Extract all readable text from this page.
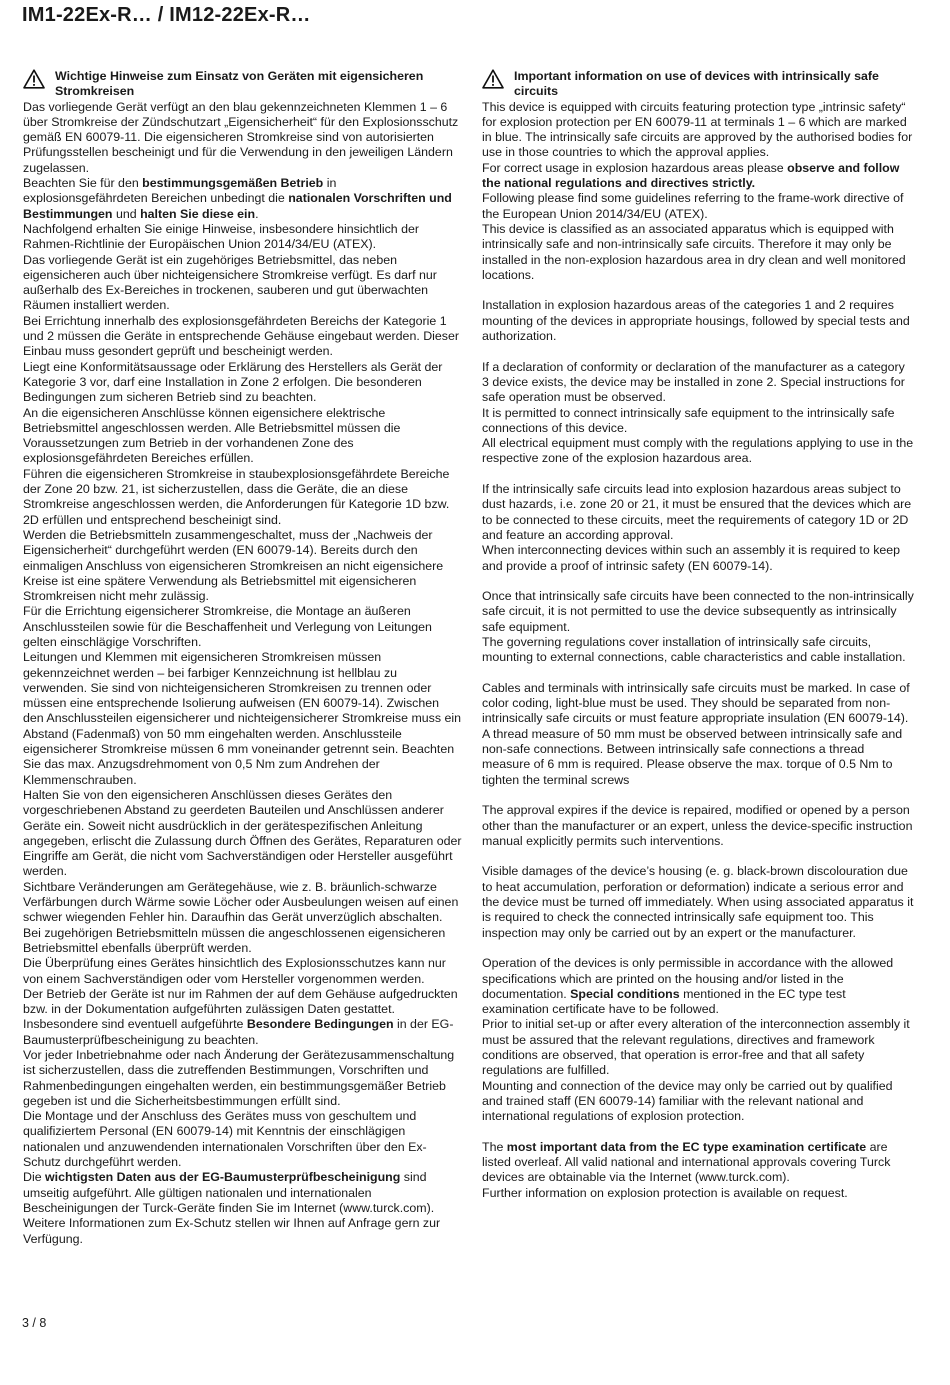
IM1-22Ex-R… / IM12-22Ex-R…
Wichtige Hinweise zum Einsatz von Geräten mit eigensicheren Stromkreisen

Das vorliegende Gerät verfügt an den blau gekennzeichneten Klemmen 1 – 6 über Stromkreise der Zündschutzart „Eigensicherheit“ für den Explosionsschutz gemäß EN 60079-11. Die eigensicheren Stromkreise sind von autorisierten Prüfungsstellen bescheinigt und für die Verwendung in den jeweiligen Ländern zugelassen.

Beachten Sie für den bestimmungsgemäßen Betrieb in explosionsgefährdeten Bereichen unbedingt die nationalen Vorschriften und Bestimmungen und halten Sie diese ein.

Nachfolgend erhalten Sie einige Hinweise, insbesondere hinsichtlich der Rahmen-Richtlinie der Europäischen Union 2014/34/EU (ATEX).

Das vorliegende Gerät ist ein zugehöriges Betriebsmittel, das neben eigensicheren auch über nichteigensichere Stromkreise verfügt. Es darf nur außerhalb des Ex-Bereiches in trockenen, sauberen und gut überwachten Räumen installiert werden.

Bei Errichtung innerhalb des explosionsgefährdeten Bereichs der Kategorie 1 und 2 müssen die Geräte in entsprechende Gehäuse eingebaut werden. Dieser Einbau muss gesondert geprüft und bescheinigt werden.

Liegt eine Konformitätsaussage oder Erklärung des Herstellers als Gerät der Kategorie 3 vor, darf eine Installation in Zone 2 erfolgen. Die besonderen Bedingungen zum sicheren Betrieb sind zu beachten.

An die eigensicheren Anschlüsse können eigensichere elektrische Betriebsmittel angeschlossen werden. Alle Betriebsmittel müssen die Voraussetzungen zum Betrieb in der vorhandenen Zone des explosionsgefährdeten Bereiches erfüllen.

Führen die eigensicheren Stromkreise in staubexplosionsgefährdete Bereiche der Zone 20 bzw. 21, ist sicherzustellen, dass die Geräte, die an diese Stromkreise angeschlossen werden, die Anforderungen für Kategorie 1D bzw. 2D erfüllen und entsprechend bescheinigt sind.

Werden die Betriebsmitteln zusammengeschaltet, muss der „Nachweis der Eigensicherheit“ durchgeführt werden (EN 60079-14). Bereits durch den einmaligen Anschluss von eigensicheren Stromkreisen an nicht eigensichere Kreise ist eine spätere Verwendung als Betriebsmittel mit eigensicheren Stromkreisen nicht mehr zulässig.

Für die Errichtung eigensicherer Stromkreise, die Montage an äußeren Anschlussteilen sowie für die Beschaffenheit und Verlegung von Leitungen gelten einschlägige Vorschriften.

Leitungen und Klemmen mit eigensicheren Stromkreisen müssen gekennzeichnet werden – bei farbiger Kennzeichnung ist hellblau zu verwenden. Sie sind von nichteigensicheren Stromkreisen zu trennen oder müssen eine entsprechende Isolierung aufweisen (EN 60079-14). Zwischen den Anschlussteilen eigensicherer und nichteigensicherer Stromkreise muss ein Abstand (Fadenmaß) von 50 mm eingehalten werden. Anschlussteile eigensicherer Stromkreise müssen 6 mm voneinander getrennt sein. Beachten Sie das max. Anzugsdrehmoment von 0,5 Nm zum Andrehen der Klemmenschrauben.

Halten Sie von den eigensicheren Anschlüssen dieses Gerätes den vorgeschriebenen Abstand zu geerdeten Bauteilen und Anschlüssen anderer Geräte ein. Soweit nicht ausdrücklich in der gerätespezifischen Anleitung angegeben, erlischt die Zulassung durch Öffnen des Gerätes, Reparaturen oder Eingriffe am Gerät, die nicht vom Sachverständigen oder Hersteller ausgeführt werden.

Sichtbare Veränderungen am Gerätegehäuse, wie z. B. bräunlich-schwarze Verfärbungen durch Wärme sowie Löcher oder Ausbeulungen weisen auf einen schwer wiegenden Fehler hin. Daraufhin das Gerät unverzüglich abschalten. Bei zugehörigen Betriebsmitteln müssen die angeschlossenen eigensicheren Betriebsmittel ebenfalls überprüft werden.

Die Überprüfung eines Gerätes hinsichtlich des Explosionsschutzes kann nur von einem Sachverständigen oder vom Hersteller vorgenommen werden.

Der Betrieb der Geräte ist nur im Rahmen der auf dem Gehäuse aufgedruckten bzw. in der Dokumentation aufgeführten zulässigen Daten gestattet. Insbesondere sind eventuell aufgeführte Besondere Bedingungen in der EG-Baumusterprüfbescheinigung zu beachten.

Vor jeder Inbetriebnahme oder nach Änderung der Gerätezusammenschaltung ist sicherzustellen, dass die zutreffenden Bestimmungen, Vorschriften und Rahmenbedingungen eingehalten werden, ein bestimmungsgemäßer Betrieb gegeben ist und die Sicherheitsbestimmungen erfüllt sind.

Die Montage und der Anschluss des Gerätes muss von geschultem und qualifiziertem Personal (EN 60079-14) mit Kenntnis der einschlägigen nationalen und anzuwendenden internationalen Vorschriften über den Ex-Schutz durchgeführt werden.

Die wichtigsten Daten aus der EG-Baumusterprüfbescheinigung sind umseitig aufgeführt. Alle gültigen nationalen und internationalen Bescheinigungen der Turck-Geräte finden Sie im Internet (www.turck.com).

Weitere Informationen zum Ex-Schutz stellen wir Ihnen auf Anfrage gern zur Verfügung.

Important information on use of devices with intrinsically safe circuits

This device is equipped with circuits featuring protection type „intrinsic safety“ for explosion protection per EN 60079-11 at terminals 1 – 6 which are marked in blue. The intrinsically safe circuits are approved by the authorised bodies for use in those countries to which the approval applies.

For correct usage in explosion hazardous areas please observe and follow the national regulations and directives strictly.

Following please find some guidelines referring to the frame-work directive of the European Union 2014/34/EU (ATEX).

This device is classified as an associated apparatus which is equipped with intrinsically safe and non-intrinsically safe circuits. Therefore it may only be installed in the non-explosion hazardous area in dry clean and well monitored locations.

Installation in explosion hazardous areas of the categories 1 and 2 requires mounting of the devices in appropriate housings, followed by special tests and authorization.

If a declaration of conformity or declaration of the manufacturer as a category 3 device exists, the device may be installed in zone 2. Special instructions for safe operation must be observed.

It is permitted to connect intrinsically safe equipment to the intrinsically safe connections of this device.

All electrical equipment must comply with the regulations applying to use in the respective zone of the explosion hazardous area.

If the intrinsically safe circuits lead into explosion hazardous areas subject to dust hazards, i.e. zone 20 or 21, it must be ensured that the devices which are to be connected to these circuits, meet the requirements of category 1D or 2D and feature an according approval.

When interconnecting devices within such an assembly it is required to keep and provide a proof of intrinsic safety (EN 60079-14).

Once that intrinsically safe circuits have been connected to the non-intrinsically safe circuit, it is not permitted to use the device subsequently as intrinsically safe equipment.

The governing regulations cover installation of intrinsically safe circuits, mounting to external connections, cable characteristics and cable installation.

Cables and terminals with intrinsically safe circuits must be marked. In case of color coding, light-blue must be used. They should be separated from non-intrinsically safe circuits or must feature appropriate insulation (EN 60079-14). A thread measure of 50 mm must be observed between intrinsically safe and non-safe connections. Between intrinsically safe connections a thread measure of 6 mm is required. Please observe the max. torque of 0.5 Nm to tighten the terminal screws

The approval expires if the device is repaired, modified or opened by a person other than the manufacturer or an expert, unless the device-specific instruction manual explicitly permits such interventions.

Visible damages of the device’s housing (e. g. black-brown discolouration due to heat accumulation, perforation or deformation) indicate a serious error and the device must be turned off immediately. When using associated apparatus it is required to check the connected intrinsically safe equipment too. This inspection may only be carried out by an expert or the manufacturer.

Operation of the devices is only permissible in accordance with the allowed specifications which are printed on the housing and/or listed in the documentation. Special conditions mentioned in the EC type test examination certificate have to be followed.

Prior to initial set-up or after every alteration of the interconnection assembly it must be assured that the relevant regulations, directives and framework conditions are observed, that operation is error-free and that all safety regulations are fulfilled.

Mounting and connection of the device may only be carried out by qualified and trained staff (EN 60079-14) familiar with the relevant national and international regulations of explosion protection.

The most important data from the EC type examination certificate are listed overleaf. All valid national and international approvals covering Turck devices are obtainable via the Internet (www.turck.com).

Further information on explosion protection is available on request.

3 / 8
